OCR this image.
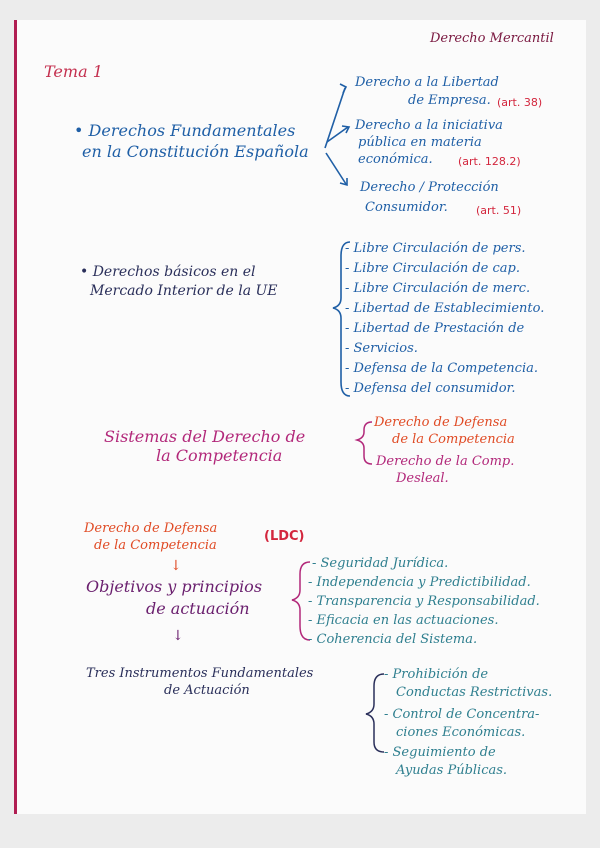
Derecho Mercantil
Tema 1
• Derechos Fundamentales
en la Constitución Española
Derecho a la Libertad
de Empresa. (art. 38)
Derecho a la iniciativa
pública en materia
económica. (art. 128.2)
Derecho / Protección
Consumidor.	(art. 51)
• Derechos básicos en el
Mercado Interior de la UE
- Libre Circulación de pers.
- Libre Circulación de cap.
- Libre Circulación de merc.
- Libertad de Establecimiento.
- Libertad de Prestación de
- Servicios.
- Defensa de la Competencia.
- Defensa del consumidor.
Sistemas del Derecho de
la Competencia
Derecho de Defensa
de la Competencia
Derecho de la Comp.
Desleal.
Derecho de Defensa
de la Competencia
(LDC)
↓
Objetivos y principios
de actuación
- Seguridad Jurídica.
- Independencia y Predictibilidad.
- Transparencia y Responsabilidad.
- Eficacia en las actuaciones.
- Coherencia del Sistema.
↓
Tres Instrumentos Fundamentales
de Actuación
- Prohibición de
Conductas Restrictivas.
- Control de Concentra-
ciones Económicas.
- Seguimiento de
Ayudas Públicas.
